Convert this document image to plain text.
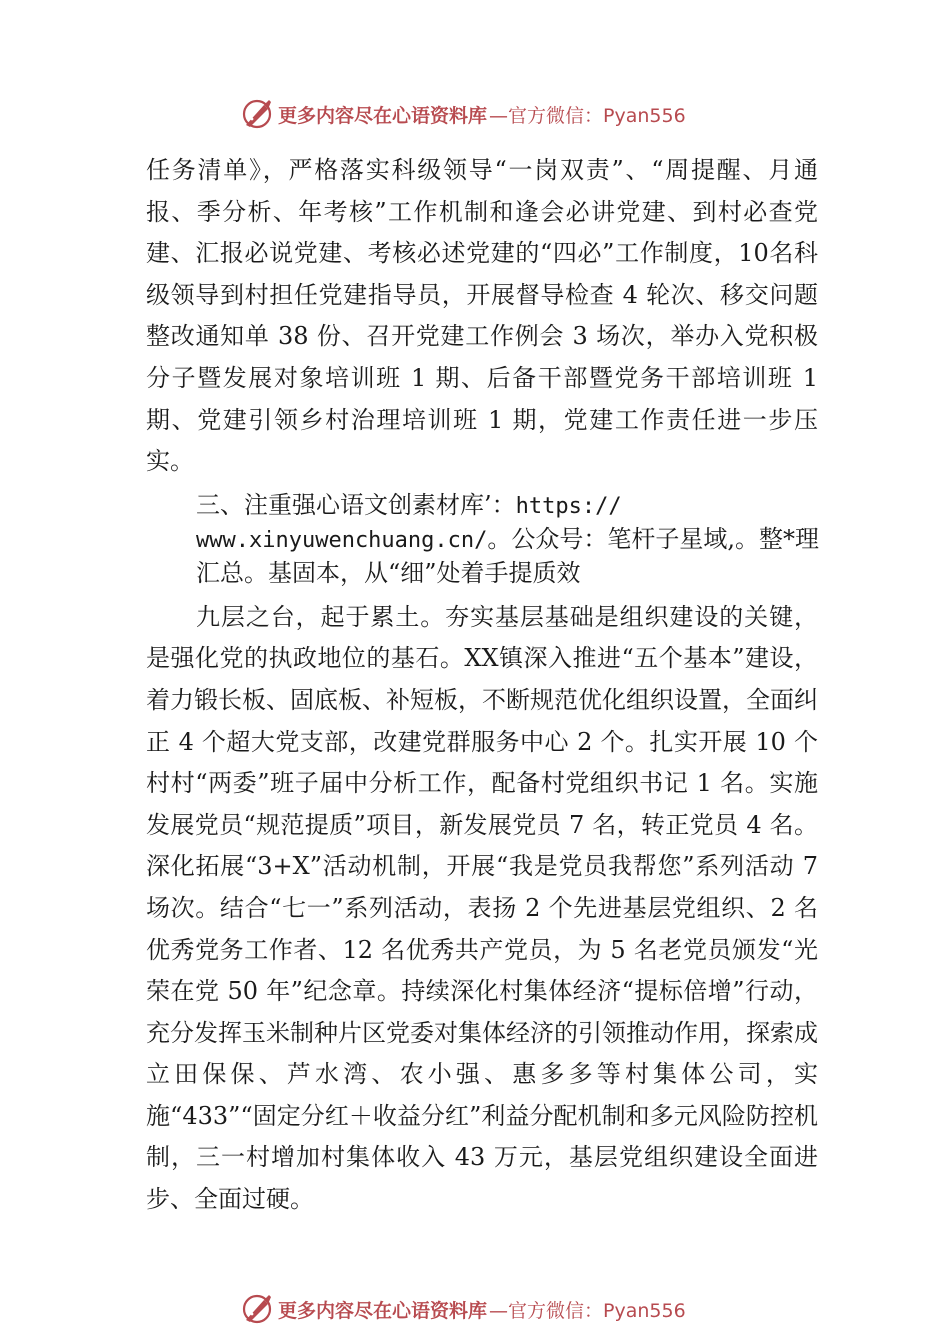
更多内容尽在心语资料库 —官方微信：Pyan556

任务清单》，严格落实科级领导“一岗双责”、“周提醒、月通报、季分析、年考核”工作机制和逢会必讲党建、到村必查党建、汇报必说党建、考核必述党建的“四必”工作制度，10名科级领导到村担任党建指导员，开展督导检查 4 轮次、移交问题整改通知单 38 份、召开党建工作例会 3 场次，举办入党积极分子暨发展对象培训班 1 期、后备干部暨党务干部培训班 1 期、党建引领乡村治理培训班 1 期，党建工作责任进一步压实。

三、注重强心语文创素材库’：https://
www.xinyuwenchuang.cn/。公众号：笔杆子星域,。整*理汇总。基固本，从“细”处着手提质效

九层之台，起于累土。夯实基层基础是组织建设的关键，是强化党的执政地位的基石。XX镇深入推进“五个基本”建设，着力锻长板、固底板、补短板，不断规范优化组织设置，全面纠正 4 个超大党支部，改建党群服务中心 2 个。扎实开展 10 个村村“两委”班子届中分析工作，配备村党组织书记 1 名。实施发展党员“规范提质”项目，新发展党员 7 名，转正党员 4 名。深化拓展“3+X”活动机制，开展“我是党员我帮您”系列活动 7 场次。结合“七一”系列活动，表扬 2 个先进基层党组织、2 名优秀党务工作者、12 名优秀共产党员，为 5 名老党员颁发“光荣在党 50 年”纪念章。持续深化村集体经济“提标倍增”行动，充分发挥玉米制种片区党委对集体经济的引领推动作用，探索成立田保保、芦水湾、农小强、惠多多等村集体公司，实施“433”“固定分红＋收益分红”利益分配机制和多元风险防控机制，三一村增加村集体收入 43 万元，基层党组织建设全面进步、全面过硬。

更多内容尽在心语资料库 —官方微信：Pyan556
